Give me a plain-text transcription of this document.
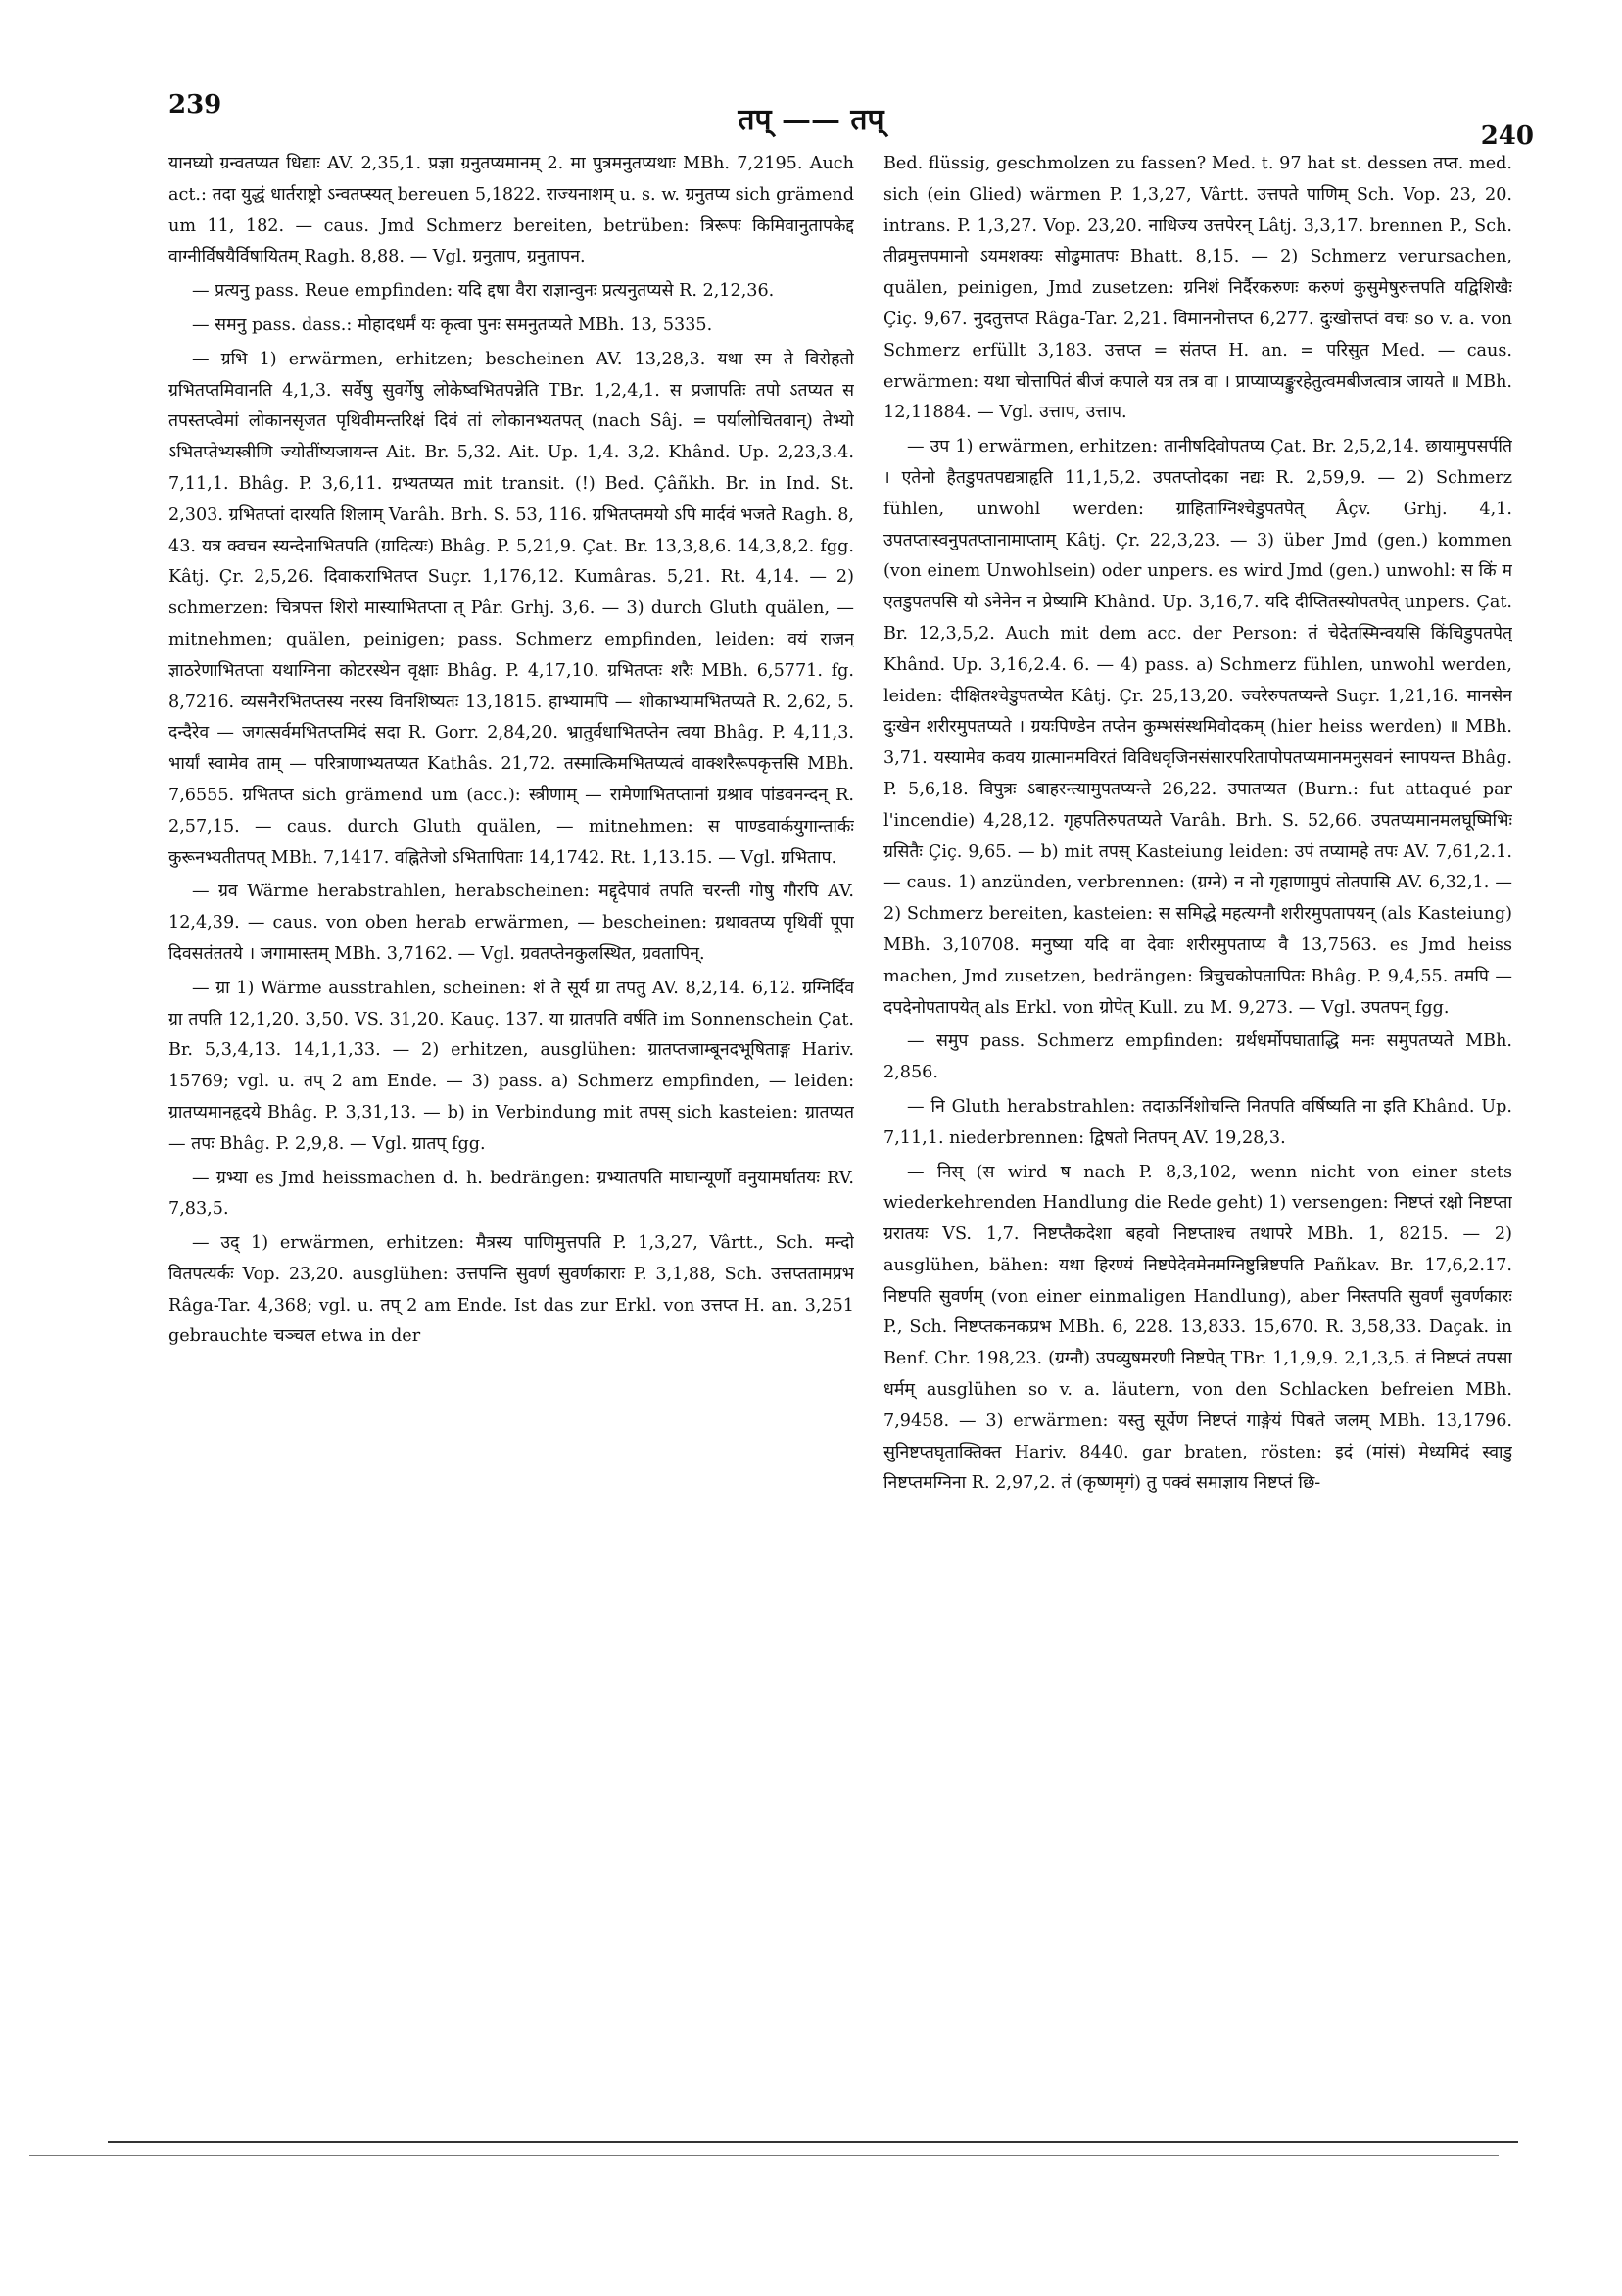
239	तप् —— तप्	240

यानघ्यो ग्रन्वतप्यत धिद्याः AV. 2,35,1. प्रज्ञा ग्रनुतप्यमानम् 2. मा पुत्रमनुतप्यथाः MBh. 7,2195. Auch act.: तदा युद्धं धार्तराष्ट्रो ऽन्वतप्स्यत् bereuen 5,1822. राज्यनाशम् u. s. w. ग्रनुतप्य sich grämend um 11, 182. — caus. Jmd Schmerz bereiten, betrüben: त्रिरूपः किमिवानुतापकेद्द वाग्नीर्विषयैर्विषायितम् Ragh. 8,88. — Vgl. ग्रनुताप, ग्रनुतापन.

— प्रत्यनु pass. Reue empfinden: यदि द्दषा वैरा राज्ञान्वुनः प्रत्यनुतप्यसे R. 2,12,36.

— समनु pass. dass.: मोहादधर्मं यः कृत्वा पुनः समनुतप्यते MBh. 13, 5335.

— ग्रभि 1) erwärmen, erhitzen; bescheinen AV. 13,28,3. यथा स्म ते विरोहतो ग्रभितप्तमिवानति 4,1,3. सर्वेषु सुवर्गेषु लोकेष्वभितपन्नेति TBr. 1,2,4,1. स प्रजापतिः तपो ऽतप्यत स तपस्तप्त्वेमां लोकानसृजत पृथिवीमन्तरिक्षं दिवं तां लोकानभ्यतपत् (nach Sâj. = पर्यालोचितवान्) तेभ्यो ऽभितप्तेभ्यस्त्रीणि ज्योतींष्यजायन्त Ait. Br. 5,32. Ait. Up. 1,4. 3,2. Khând. Up. 2,23,3.4. 7,11,1. Bhâg. P. 3,6,11. ग्रभ्यतप्यत mit transit. (!) Bed. Çâñkh. Br. in Ind. St. 2,303. ग्रभितप्तां दारयति शिलाम् Varâh. Brh. S. 53, 116. ग्रभितप्तमयो ऽपि मार्दवं भजते Ragh. 8, 43. यत्र क्वचन स्यन्देनाभितपति (ग्रादित्यः) Bhâg. P. 5,21,9. Çat. Br. 13,3,8,6. 14,3,8,2. fgg. Kâtj. Çr. 2,5,26. दिवाकराभितप्त Suçr. 1,176,12. Kumâras. 5,21. Rt. 4,14. — 2) schmerzen: चित्रपत्त शिरो मास्याभितप्ता त् Pâr. Grhj. 3,6. — 3) durch Gluth quälen, — mitnehmen; quälen, peinigen; pass. Schmerz empfinden, leiden: वयं राजन् ज्ञाठरेणाभितप्ता यथाग्निना कोटरस्थेन वृक्षाः Bhâg. P. 4,17,10. ग्रभितप्तः शरैः MBh. 6,5771. fg. 8,7216. व्यसनैरभितप्तस्य नरस्य विनशिष्यतः 13,1815. हाभ्यामपि — शोकाभ्यामभितप्यते R. 2,62, 5. दन्दैरेव — जगत्सर्वमभितप्तमिदं सदा R. Gorr. 2,84,20. भ्रातुर्वधाभितप्तेन त्वया Bhâg. P. 4,11,3. भार्यां स्वामेव ताम् — परित्राणाभ्यतप्यत Kathâs. 21,72. तस्मात्किमभितप्यत्वं वाक्शरैरूपकृत्तसि MBh. 7,6555. ग्रभितप्त sich grämend um (acc.): स्त्रीणाम् — रामेणाभितप्तानां ग्रश्राव पांडवनन्दन् R. 2,57,15. — caus. durch Gluth quälen, — mitnehmen: स पाण्डवार्कयुगान्तार्कः कुरूनभ्यतीतपत् MBh. 7,1417. वह्नितेजो ऽभितापिताः 14,1742. Rt. 1,13.15. — Vgl. ग्रभिताप.

— ग्रव Wärme herabstrahlen, herabscheinen: मद्दृदेपावं तपति चरन्ती गोषु गौरपि AV. 12,4,39. — caus. von oben herab erwärmen, — bescheinen: ग्रथावतप्य पृथिवीं पूपा दिवसतंततये । जगामास्तम् MBh. 3,7162. — Vgl. ग्रवतप्तेनकुलस्थित, ग्रवतापिन्.

— ग्रा 1) Wärme ausstrahlen, scheinen: शं ते सूर्य ग्रा तपतु AV. 8,2,14. 6,12. ग्रग्निर्दिव ग्रा तपति 12,1,20. 3,50. VS. 31,20. Kauç. 137. या ग्रातपति वर्षति im Sonnenschein Çat. Br. 5,3,4,13. 14,1,1,33. — 2) erhitzen, ausglühen: ग्रातप्तजाम्बूनदभूषिताङ्ग Hariv. 15769; vgl. u. तप् 2 am Ende. — 3) pass. a) Schmerz empfinden, — leiden: ग्रातप्यमानहृदये Bhâg. P. 3,31,13. — b) in Verbindung mit तपस् sich kasteien: ग्रातप्यत — तपः Bhâg. P. 2,9,8. — Vgl. ग्रातप् fgg.

— ग्रभ्या es Jmd heissmachen d. h. bedrängen: ग्रभ्यातपति माघान्यूर्णो वनुयामर्घातयः RV. 7,83,5.

— उद् 1) erwärmen, erhitzen: मैत्रस्य पाणिमुत्तपति P. 1,3,27, Vârtt., Sch. मन्दो वितपत्यर्कः Vop. 23,20. ausglühen: उत्तपन्ति सुवर्णं सुवर्णकाराः P. 3,1,88, Sch. उत्तप्ततामप्रभ Râga-Tar. 4,368; vgl. u. तप् 2 am Ende. Ist das zur Erkl. von उत्तप्त H. an. 3,251 gebrauchte चञ्चल etwa in der

Bed. flüssig, geschmolzen zu fassen? Med. t. 97 hat st. dessen तप्त. med. sich (ein Glied) wärmen P. 1,3,27, Vârtt. उत्तपते पाणिम् Sch. Vop. 23, 20. intrans. P. 1,3,27. Vop. 23,20. नाधिज्य उत्तपेरन् Lâtj. 3,3,17. brennen P., Sch. तीव्रमुत्तपमानो ऽयमशक्यः सोढुमातपः Bhatt. 8,15. — 2) Schmerz verursachen, quälen, peinigen, Jmd zusetzen: ग्रनिशं निर्दैरकरुणः करुणं कुसुमेषुरुत्तपति यद्विशिखैः Çiç. 9,67. नुदतुत्तप्त Râga-Tar. 2,21. विमाननोत्तप्त 6,277. दुःखोत्तप्तं वचः so v. a. von Schmerz erfüllt 3,183. उत्तप्त = संतप्त H. an. = परिसुत Med. — caus. erwärmen: यथा चोत्तापितं बीजं कपाले यत्र तत्र वा । प्राप्याप्यङ्कुरहेतुत्वमबीजत्वात्र जायते ॥ MBh. 12,11884. — Vgl. उत्ताप, उत्ताप.

— उप 1) erwärmen, erhitzen: तानीषदिवोपतप्य Çat. Br. 2,5,2,14. छायामुपसर्पति । एतेनो हैतडुपतपद्यत्राहृति 11,1,5,2. उपतप्तोदका नद्यः R. 2,59,9. — 2) Schmerz fühlen, unwohl werden: ग्राहिताग्निश्चेडुपतपेत् Âçv. Grhj. 4,1. उपतप्तास्वनुपतप्तानामाप्ताम् Kâtj. Çr. 22,3,23. — 3) über Jmd (gen.) kommen (von einem Unwohlsein) oder unpers. es wird Jmd (gen.) unwohl: स किं म एतडुपतपसि यो ऽनेनेन न प्रेष्यामि Khând. Up. 3,16,7. यदि दीप्तितस्योपतपेत् unpers. Çat. Br. 12,3,5,2. Auch mit dem acc. der Person: तं चेदेतस्मिन्वयसि किंचिडुपतपेत् Khând. Up. 3,16,2.4. 6. — 4) pass. a) Schmerz fühlen, unwohl werden, leiden: दीक्षितश्चेडुपतप्येत Kâtj. Çr. 25,13,20. ज्वरेरुपतप्यन्ते Suçr. 1,21,16. मानसेन दुःखेन शरीरमुपतप्यते । ग्रयःपिण्डेन तप्तेन कुम्भसंस्थमिवोदकम् (hier heiss werden) ॥ MBh. 3,71. यस्यामेव कवय ग्रात्मानमविरतं विविधवृजिनसंसारपरितापोपतप्यमानमनुसवनं स्नापयन्त Bhâg. P. 5,6,18. विपुत्रः ऽबाहरन्त्यामुपतप्यन्ते 26,22. उपातप्यत (Burn.: fut attaqué par l'incendie) 4,28,12. गृहपतिरुपतप्यते Varâh. Brh. S. 52,66. उपतप्यमानमलघूष्मिभिः ग्रसितैः Çiç. 9,65. — b) mit तपस् Kasteiung leiden: उपं तप्यामहे तपः AV. 7,61,2.1. — caus. 1) anzünden, verbrennen: (ग्रग्ने) न नो गृहाणामुपं तोतपासि AV. 6,32,1. — 2) Schmerz bereiten, kasteien: स समिद्धे महत्यग्नौ शरीरमुपतापयन् (als Kasteiung) MBh. 3,10708. मनुष्या यदि वा देवाः शरीरमुपताप्य वै 13,7563. es Jmd heiss machen, Jmd zusetzen, bedrängen: त्रिचुचकोपतापितः Bhâg. P. 9,4,55. तमपि — दपदेनोपतापयेत् als Erkl. von ग्रोपेत् Kull. zu M. 9,273. — Vgl. उपतपन् fgg.

— समुप pass. Schmerz empfinden: ग्रर्थधर्मोपघाताद्धि मनः समुपतप्यते MBh. 2,856.

— नि Gluth herabstrahlen: तदाऊर्निशोचन्ति नितपति वर्षिष्यति ना इति Khând. Up. 7,11,1. niederbrennen: द्विषतो नितपन् AV. 19,28,3.

— निस् (स wird ष nach P. 8,3,102, wenn nicht von einer stets wiederkehrenden Handlung die Rede geht) 1) versengen: निष्टप्तं रक्षो निष्टप्ता ग्ररातयः VS. 1,7. निष्टप्तैकदेशा बहवो निष्टप्ताश्च तथापरे MBh. 1, 8215. — 2) ausglühen, bähen: यथा हिरण्यं निष्टपेदेवमेनमग्निष्टुन्निष्टपति Pañkav. Br. 17,6,2.17. निष्टपति सुवर्णम् (von einer einmaligen Handlung), aber निस्तपति सुवर्णं सुवर्णकारः P., Sch. निष्टप्तकनकप्रभ MBh. 6, 228. 13,833. 15,670. R. 3,58,33. Daçak. in Benf. Chr. 198,23. (ग्रग्नौ) उपव्युषमरणी निष्टपेत् TBr. 1,1,9,9. 2,1,3,5. तं निष्टप्तं तपसा धर्मम् ausglühen so v. a. läutern, von den Schlacken befreien MBh. 7,9458. — 3) erwärmen: यस्तु सूर्येण निष्टप्तं गाङ्गेयं पिबते जलम् MBh. 13,1796. सुनिष्टप्तघृताक्तिक्त Hariv. 8440. gar braten, rösten: इदं (मांसं) मेध्यमिदं स्वाडु निष्टप्तमग्निना R. 2,97,2. तं (कृष्णमृगं) तु पक्वं समाज्ञाय निष्टप्तं छि-
